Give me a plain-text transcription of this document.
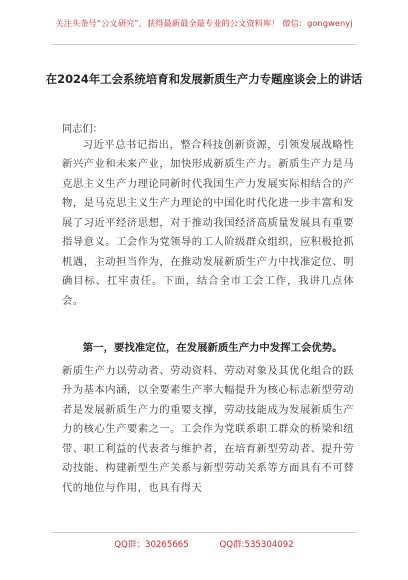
关注头条号“公文研究”，获得最新最全最专业的公文资料库！ 微信：gongwenyj
在2024年工会系统培育和发展新质生产力专题座谈会上的讲话
同志们：

习近平总书记指出，整合科技创新资源，引领发展战略性新兴产业和未来产业，加快形成新质生产力。新质生产力是马克思主义生产力理论同新时代我国生产力发展实际相结合的产物，是马克思主义生产力理论的中国化时代化进一步丰富和发展了习近平经济思想，对于推动我国经济高质量发展具有重要指导意义。工会作为党领导的工人阶级群众组织，应积极抢抓机遇，主动担当作为，在推动发展新质生产力中找准定位、明确目标、扛牢责任。下面，结合全市工会工作，我讲几点体会。

第一，要找准定位，在发展新质生产力中发挥工会优势。

新质生产力以劳动者、劳动资料、劳动对象及其优化组合的跃升为基本内涵，以全要素生产率大幅提升为核心标志新型劳动者是发展新质生产力的重要支撑，劳动技能成为发展新质生产力的核心生产要素之一。工会作为党联系职工群众的桥梁和纽带、职工利益的代表者与维护者，在培育新型劳动者、提升劳动技能、构建新型生产关系与新型劳动关系等方面具有不可替代的地位与作用，也具有得天

QQ群：30265665	QQ群:535304092
